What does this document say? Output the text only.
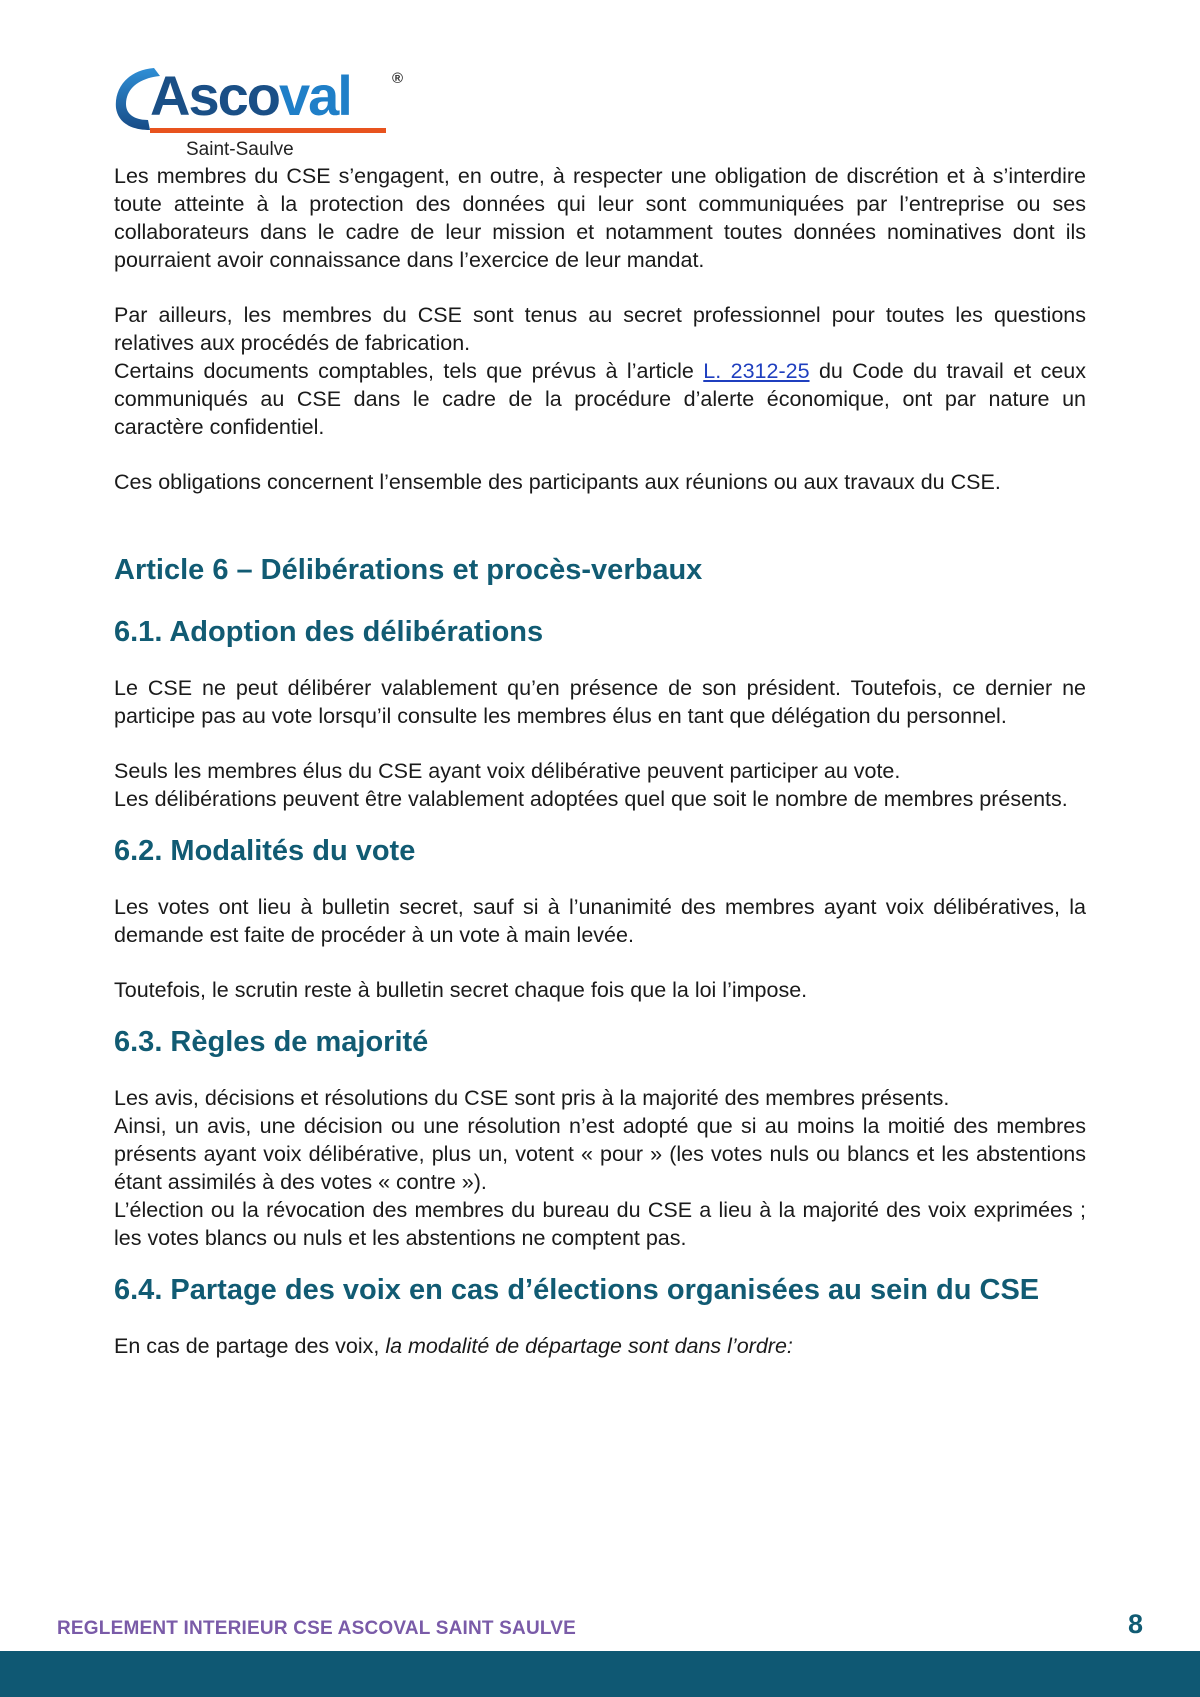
Ascoval	®
Saint-Saulve

Les membres du CSE s’engagent, en outre, à respecter une obligation de discrétion et à s’interdire toute atteinte à la protection des données qui leur sont communiquées par l’entreprise ou ses collaborateurs dans le cadre de leur mission et notamment toutes données nominatives dont ils pourraient avoir connaissance dans l’exercice de leur mandat.

Par ailleurs, les membres du CSE sont tenus au secret professionnel pour toutes les questions relatives aux procédés de fabrication.

Certains documents comptables, tels que prévus à l’article L. 2312-25 du Code du travail et ceux communiqués au CSE dans le cadre de la procédure d’alerte économique, ont par nature un caractère confidentiel.

Ces obligations concernent l’ensemble des participants aux réunions ou aux travaux du CSE.

Article 6 – Délibérations et procès-verbaux
6.1. Adoption des délibérations

Le CSE ne peut délibérer valablement qu’en présence de son président. Toutefois, ce dernier ne participe pas au vote lorsqu’il consulte les membres élus en tant que délégation du personnel.

Seuls les membres élus du CSE ayant voix délibérative peuvent participer au vote.

Les délibérations peuvent être valablement adoptées quel que soit le nombre de membres présents.

6.2. Modalités du vote

Les votes ont lieu à bulletin secret, sauf si à l’unanimité des membres ayant voix délibératives, la demande est faite de procéder à un vote à main levée.

Toutefois, le scrutin reste à bulletin secret chaque fois que la loi l’impose.

6.3. Règles de majorité

Les avis, décisions et résolutions du CSE sont pris à la majorité des membres présents.

Ainsi, un avis, une décision ou une résolution n’est adopté que si au moins la moitié des membres présents ayant voix délibérative, plus un, votent « pour » (les votes nuls ou blancs et les abstentions étant assimilés à des votes « contre »).

L’élection ou la révocation des membres du bureau du CSE a lieu à la majorité des voix exprimées ; les votes blancs ou nuls et les abstentions ne comptent pas.

6.4. Partage des voix en cas d’élections organisées au sein du CSE

En cas de partage des voix, la modalité de départage sont dans l’ordre:

REGLEMENT INTERIEUR CSE ASCOVAL SAINT SAULVE	8
